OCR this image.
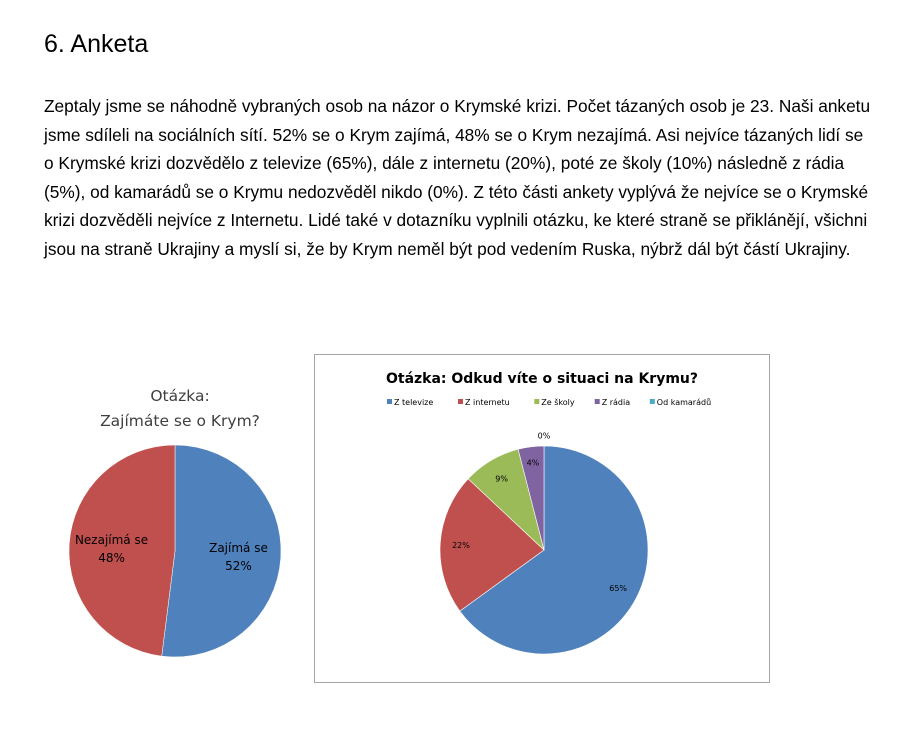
6. Anketa

Zeptaly jsme se náhodně vybraných osob na názor o Krymské krizi. Počet tázaných osob je 23. Naši anketu jsme sdíleli na sociálních sítí. 52% se o Krym zajímá, 48% se o Krym nezajímá. Asi nejvíce tázaných lidí se o Krymské krizi dozvědělo z televize (65%), dále z internetu (20%), poté ze školy (10%) následně z rádia (5%), od kamarádů se o Krymu nedozvěděl nikdo (0%). Z této části ankety vyplývá že nejvíce se o Krymské krizi dozvěděli nejvíce z Internetu. Lidé také v dotazníku vyplnili otázku, ke které straně se přiklánějí, všichni jsou na straně Ukrajiny a myslí si, že by Krym neměl být pod vedením Ruska, nýbrž dál být částí Ukrajiny.

Otázka:
Zajímáte se o Krym?
Zajímá se
52%
Nezajímá se
48%
Otázka: Odkud víte o situaci na Krymu?
Z televize	Z internetu	Ze školy	Z rádia	Od kamarádů
65%
22%
9%
4%
0%
